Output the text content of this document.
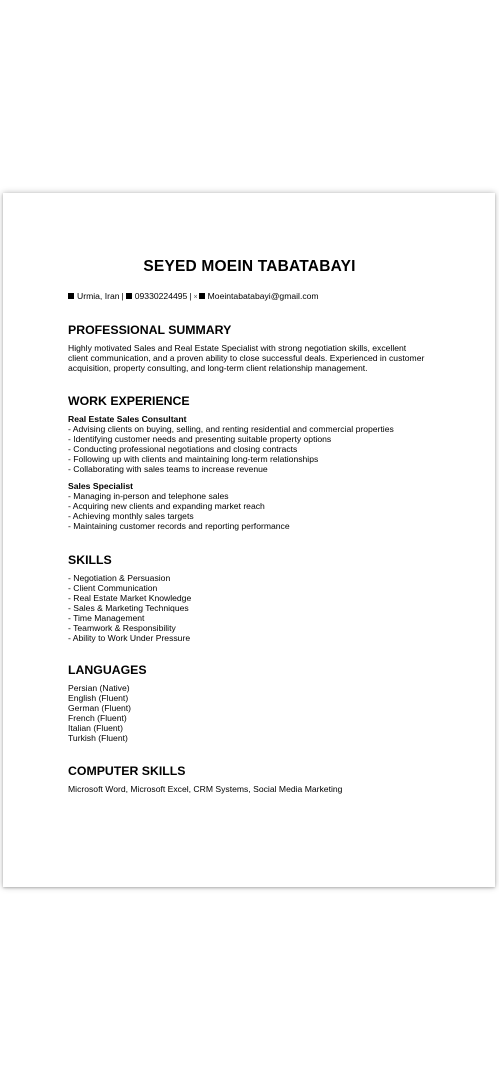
SEYED MOEIN TABATABAYI
Urmia, Iran | 09330224495 | × Moeintabatabayi@gmail.com
PROFESSIONAL SUMMARY
Highly motivated Sales and Real Estate Specialist with strong negotiation skills, excellent client communication, and a proven ability to close successful deals. Experienced in customer acquisition, property consulting, and long-term client relationship management.
WORK EXPERIENCE
Real Estate Sales Consultant
- Advising clients on buying, selling, and renting residential and commercial properties
- Identifying customer needs and presenting suitable property options
- Conducting professional negotiations and closing contracts
- Following up with clients and maintaining long-term relationships
- Collaborating with sales teams to increase revenue
Sales Specialist
- Managing in-person and telephone sales
- Acquiring new clients and expanding market reach
- Achieving monthly sales targets
- Maintaining customer records and reporting performance
SKILLS
- Negotiation & Persuasion
- Client Communication
- Real Estate Market Knowledge
- Sales & Marketing Techniques
- Time Management
- Teamwork & Responsibility
- Ability to Work Under Pressure
LANGUAGES
Persian (Native)
English (Fluent)
German (Fluent)
French (Fluent)
Italian (Fluent)
Turkish (Fluent)
COMPUTER SKILLS
Microsoft Word, Microsoft Excel, CRM Systems, Social Media Marketing
